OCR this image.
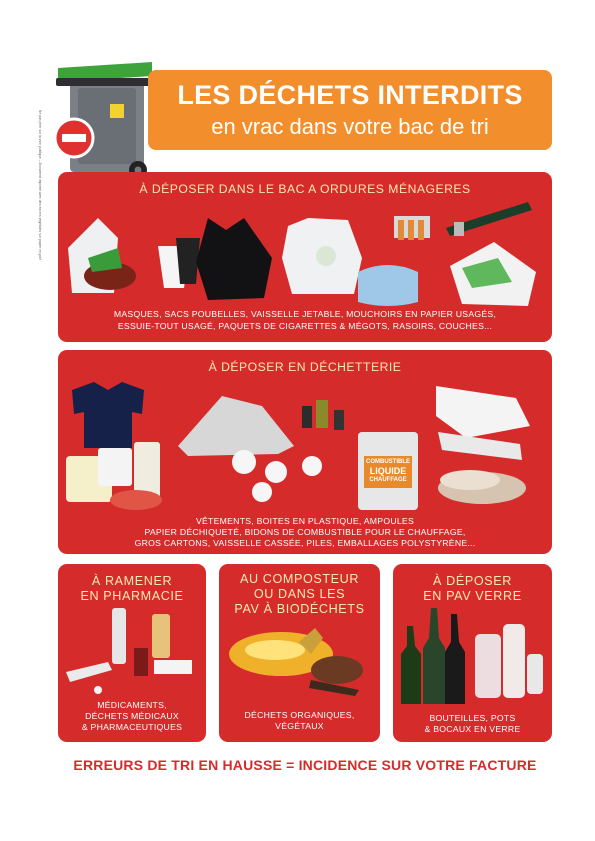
Ne pas jeter sur la voie publique – Document imprimé avec des encres végétales sur papier recyclé
LES DÉCHETS INTERDITS
en vrac dans votre bac de tri
À DÉPOSER DANS LE BAC A ORDURES MÉNAGERES
MASQUES, SACS POUBELLES, VAISSELLE JETABLE, MOUCHOIRS EN PAPIER USAGÉS,
ESSUIE-TOUT USAGÉ, PAQUETS DE CIGARETTES & MÉGOTS, RASOIRS, COUCHES...
À DÉPOSER EN DÉCHETTERIE
COMBUSTIBLE
LIQUIDE
CHAUFFAGE
VÊTEMENTS, BOITES EN PLASTIQUE, AMPOULES
PAPIER DÉCHIQUETÉ, BIDONS DE COMBUSTIBLE POUR LE CHAUFFAGE,
GROS CARTONS, VAISSELLE CASSÉE, PILES, EMBALLAGES POLYSTYRÈNE...
À RAMENER
EN PHARMACIE
MÉDICAMENTS,
DÉCHETS MÉDICAUX
& PHARMACEUTIQUES
AU COMPOSTEUR
OU DANS LES
PAV À BIODÉCHETS
DÉCHETS ORGANIQUES,
VÉGÉTAUX
À DÉPOSER
EN PAV VERRE
BOUTEILLES, POTS
& BOCAUX EN VERRE
ERREURS DE TRI EN HAUSSE = INCIDENCE SUR VOTRE FACTURE
